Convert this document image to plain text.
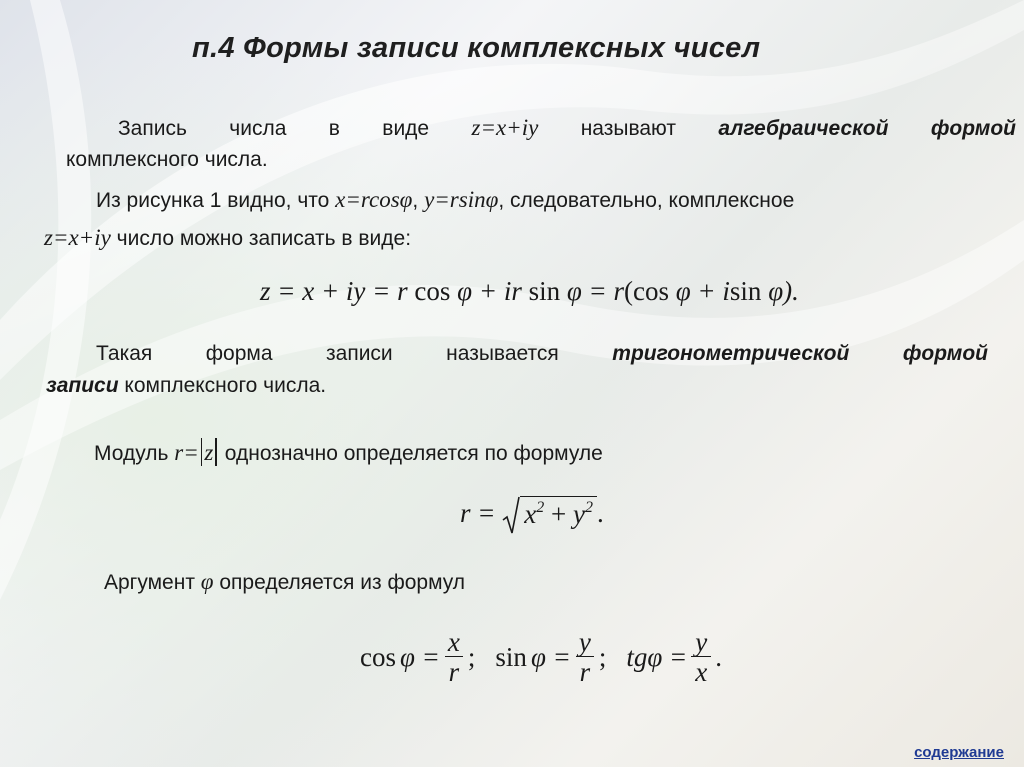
п.4 Формы записи комплексных чисел
Запись числа в виде z=x+iy называют алгебраической формой
комплексного числа.
Из рисунка 1 видно, что x=rcosφ, y=rsinφ, следовательно, комплексное
z=x+iy число можно записать в виде:
z = x + iy = r cos φ + ir sin φ = r(cos φ + isin φ).
Такая форма записи называется	тригонометрической формой
записи комплексного числа.
Модуль r= z однозначно определяется по формуле
$r = x^2 + y^2$ .
Аргумент φ определяется из формул
$\cos \varphi = \frac{x}{r}$ ; $\sin \varphi = \frac{y}{r}$ ; $tg\varphi = \frac{y}{x}$ .
содержание
